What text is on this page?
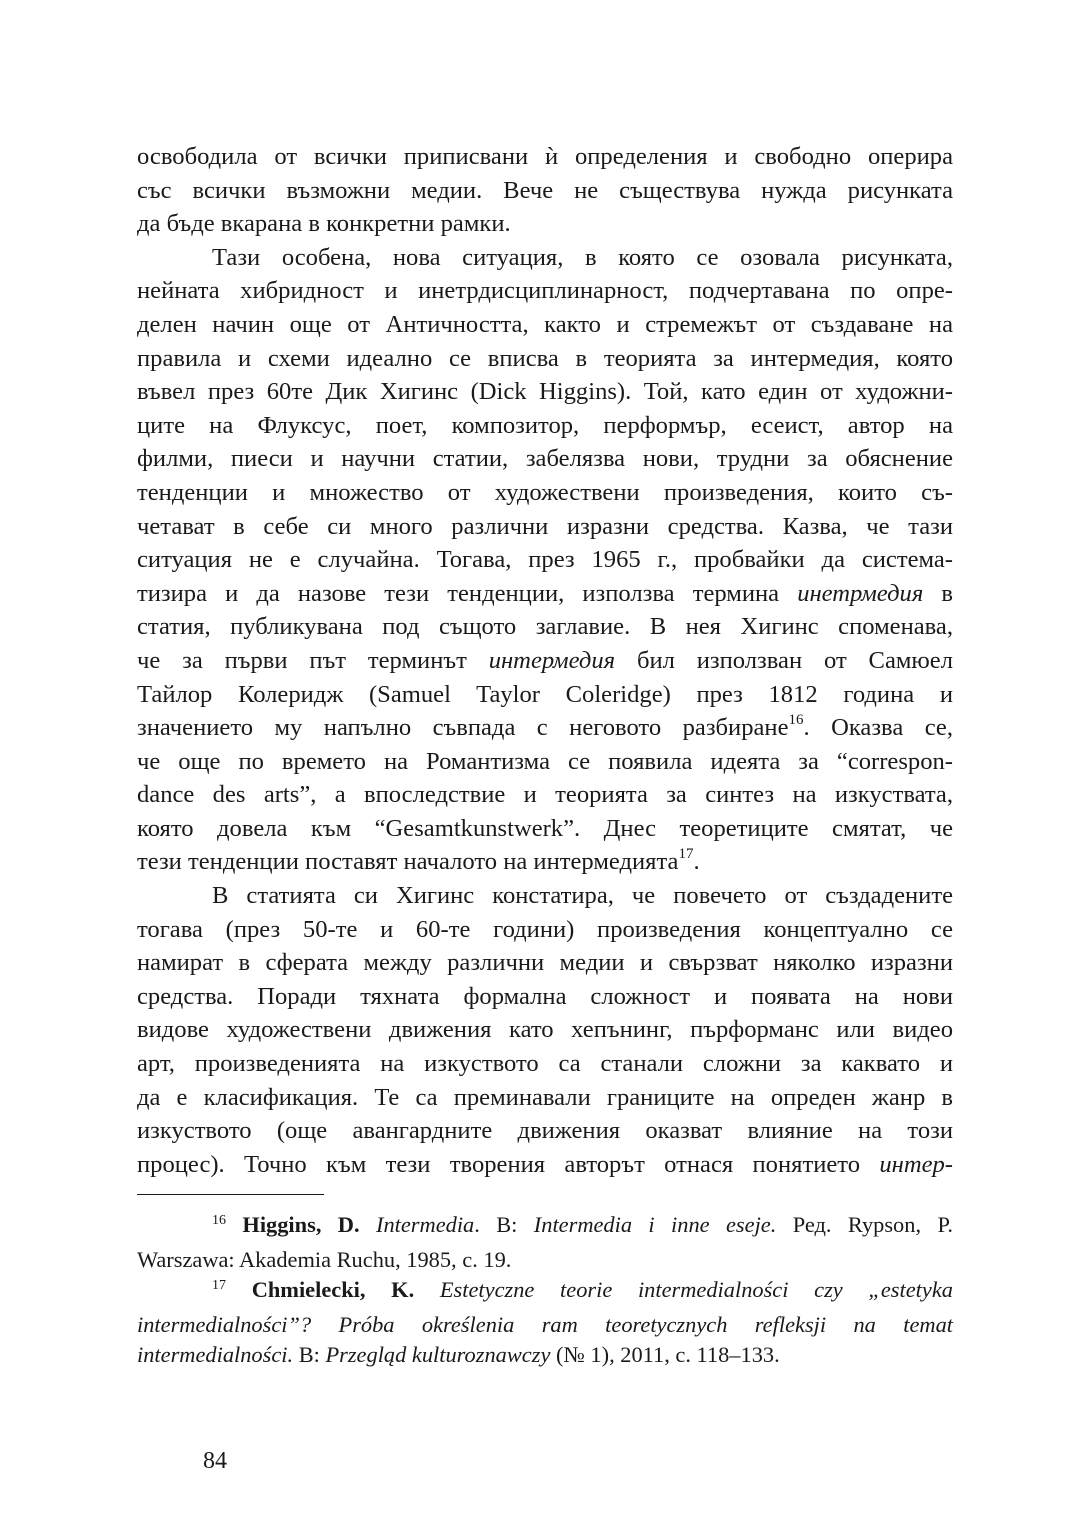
освободила от всички приписвани ѝ определения и свободно оперира
със всички възможни медии. Вече не съществува нужда рисунката
да бъде вкарана в конкретни рамки.

Тази особена, нова ситуация, в която се озовала рисунката,
нейната хибридност и инетрдисциплинарност, подчертавана по опре-
делен начин още от Античността, както и стремежът от създаване на
правила и схеми идеално се вписва в теорията за интермедия, която
въвел през 60те Дик Хигинс (Dick Higgins). Той, като един от художни-
ците на Флуксус, поет, композитор, перформър, есеист, автор на
филми, пиеси и научни статии, забелязва нови, трудни за обяснение
тенденции и множество от художествени произведения, които съ-
четават в себе си много различни изразни средства. Казва, че тази
ситуация не е случайна. Тогава, през 1965 г., пробвайки да система-
тизира и да назове тези тенденции, използва термина инетрмедия в
статия, публикувана под същото заглавие. В нея Хигинс споменава,
че за първи път терминът интермедия бил използван от Самюел
Тайлор Колеридж (Samuel Taylor Coleridge) през 1812 година и
значението му напълно съвпада с неговото разбиране$^{16}$. Оказва се,
че още по времето на Романтизма се появила идеята за “correspon-
dance des arts”, а впоследствие и теорията за синтез на изкуствата,
която довела към “Gesamtkunstwerk”. Днес теоретиците смятат, че
тези тенденции поставят началото на интермедията$^{17}$.

В статията си Хигинс констатира, че повечето от създадените
тогава (през 50-те и 60-те години) произведения концептуално се
намират в сферата между различни медии и свързват няколко изразни
средства. Поради тяхната формална сложност и появата на нови
видове художествени движения като хепънинг, пърформанс или видео
арт, произведенията на изкуството са станали сложни за каквато и
да е класификация. Те са преминавали границите на опреден жанр в
изкуството (още авангардните движения оказват влияние на този
процес). Точно към тези творения авторът отнася понятието интер-

$^{16}$ Higgins, D. Intermedia. В: Intermedia i inne eseje. Ред. Rypson, P.
Warszawa: Akademia Ruchu, 1985, с. 19.
$^{17}$ Chmielecki, K. Estetyczne teorie intermedialności czy „estetyka
intermedialności”? Próba określenia ram teoretycznych refleksji na temat
intermedialności. В: Przegląd kulturoznawczy (№ 1), 2011, с. 118–133.
84
